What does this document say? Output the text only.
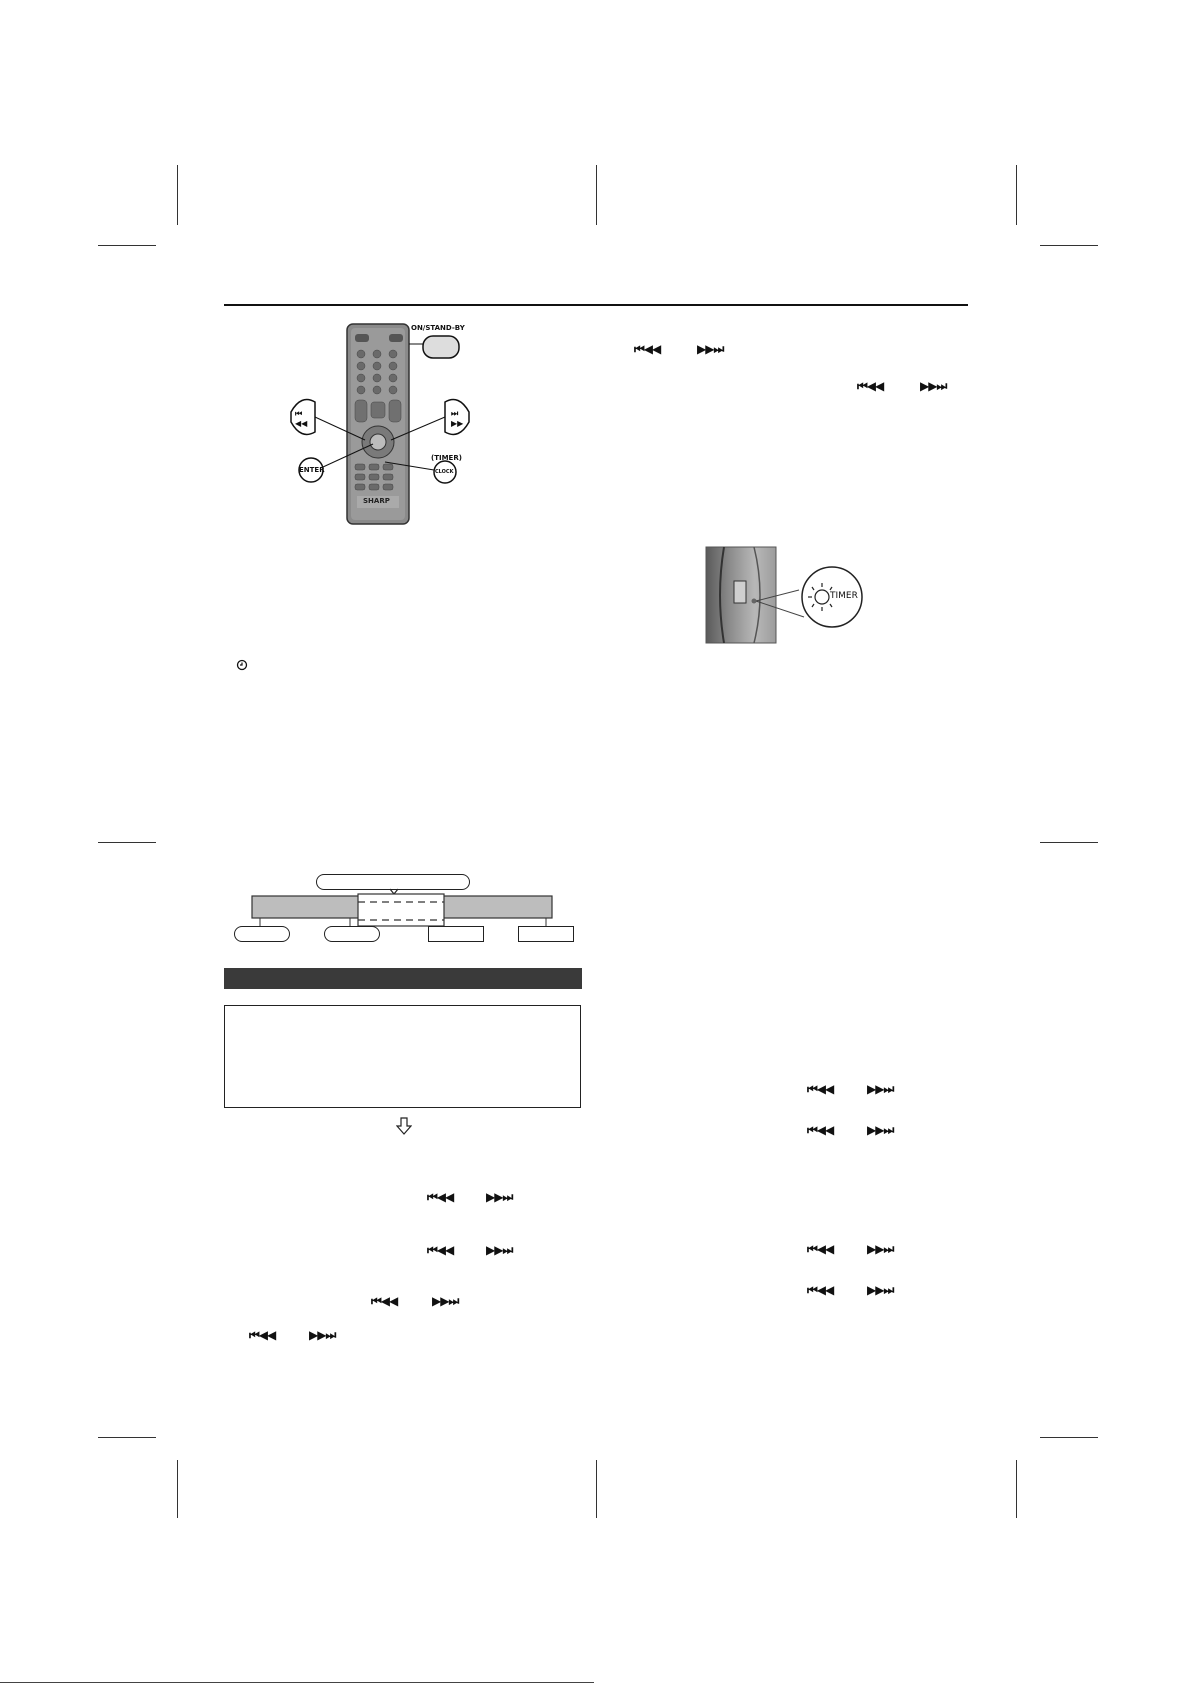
⏮
◀◀
⏭
▶▶
ON/STAND-BY
ENTER
(TIMER)
CLOCK
SHARP
⏮◀◀	▶▶⏭
⏮◀◀	▶▶⏭
⏮◀◀	▶▶⏭
⏮◀◀	▶▶⏭
⏮◀◀	▶▶⏭
⏮◀◀	▶▶⏭
TIMER
⏮◀◀	▶▶⏭
⏮◀◀	▶▶⏭
⏮◀◀	▶▶⏭
⏮◀◀	▶▶⏭
